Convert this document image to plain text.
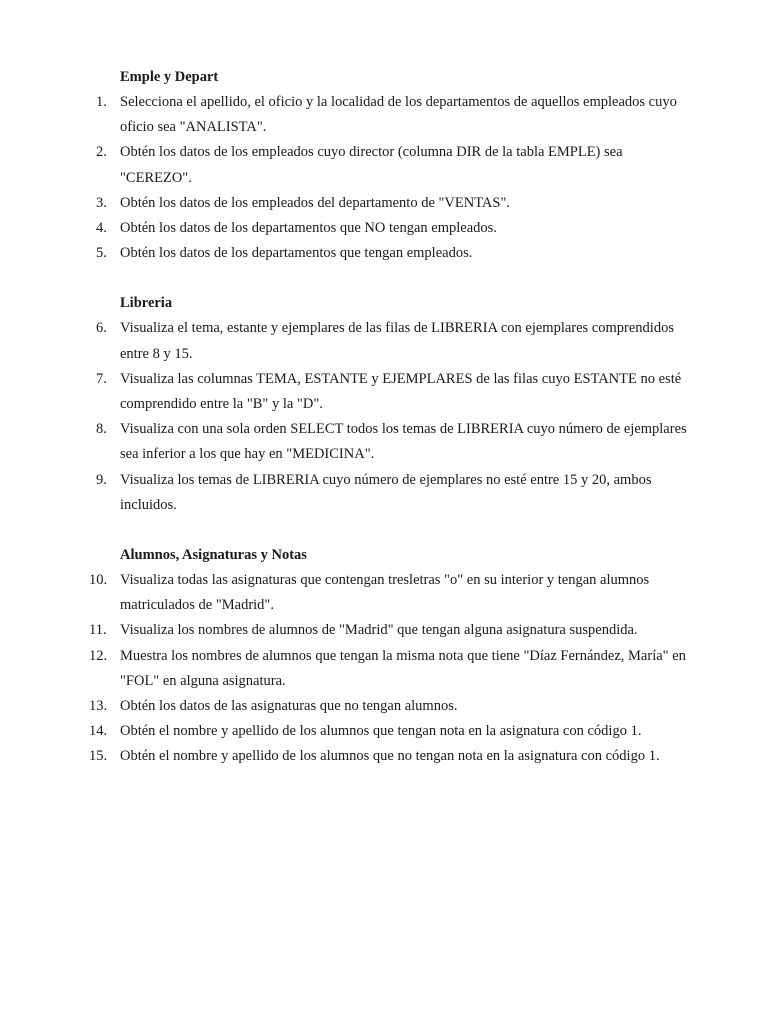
Emple y Depart
1. Selecciona el apellido, el oficio y la localidad de los departamentos de aquellos empleados cuyo oficio sea "ANALISTA".
2. Obtén los datos de los empleados cuyo director (columna DIR de la tabla EMPLE) sea "CEREZO".
3. Obtén los datos de los empleados del departamento de "VENTAS".
4. Obtén los datos de los departamentos que NO tengan empleados.
5. Obtén los datos de los departamentos que tengan empleados.
Libreria
6. Visualiza el tema, estante y ejemplares de las filas de LIBRERIA con ejemplares comprendidos entre 8 y 15.
7. Visualiza las columnas TEMA, ESTANTE y EJEMPLARES de las filas cuyo ESTANTE no esté comprendido entre la "B" y la "D".
8. Visualiza con una sola orden SELECT todos los temas de LIBRERIA cuyo número de ejemplares sea inferior a los que hay en "MEDICINA".
9. Visualiza los temas de LIBRERIA cuyo número de ejemplares no esté entre 15 y 20, ambos incluidos.
Alumnos, Asignaturas y Notas
10. Visualiza todas las asignaturas que contengan tresletras "o" en su interior y tengan alumnos matriculados de "Madrid".
11. Visualiza los nombres de alumnos de "Madrid" que tengan alguna asignatura suspendida.
12. Muestra los nombres de alumnos que tengan la misma nota que tiene "Díaz Fernández, María" en "FOL" en alguna asignatura.
13. Obtén los datos de las asignaturas que no tengan alumnos.
14. Obtén el nombre y apellido de los alumnos que tengan nota en la asignatura con código 1.
15. Obtén el nombre y apellido de los alumnos que no tengan nota en la asignatura con código 1.
